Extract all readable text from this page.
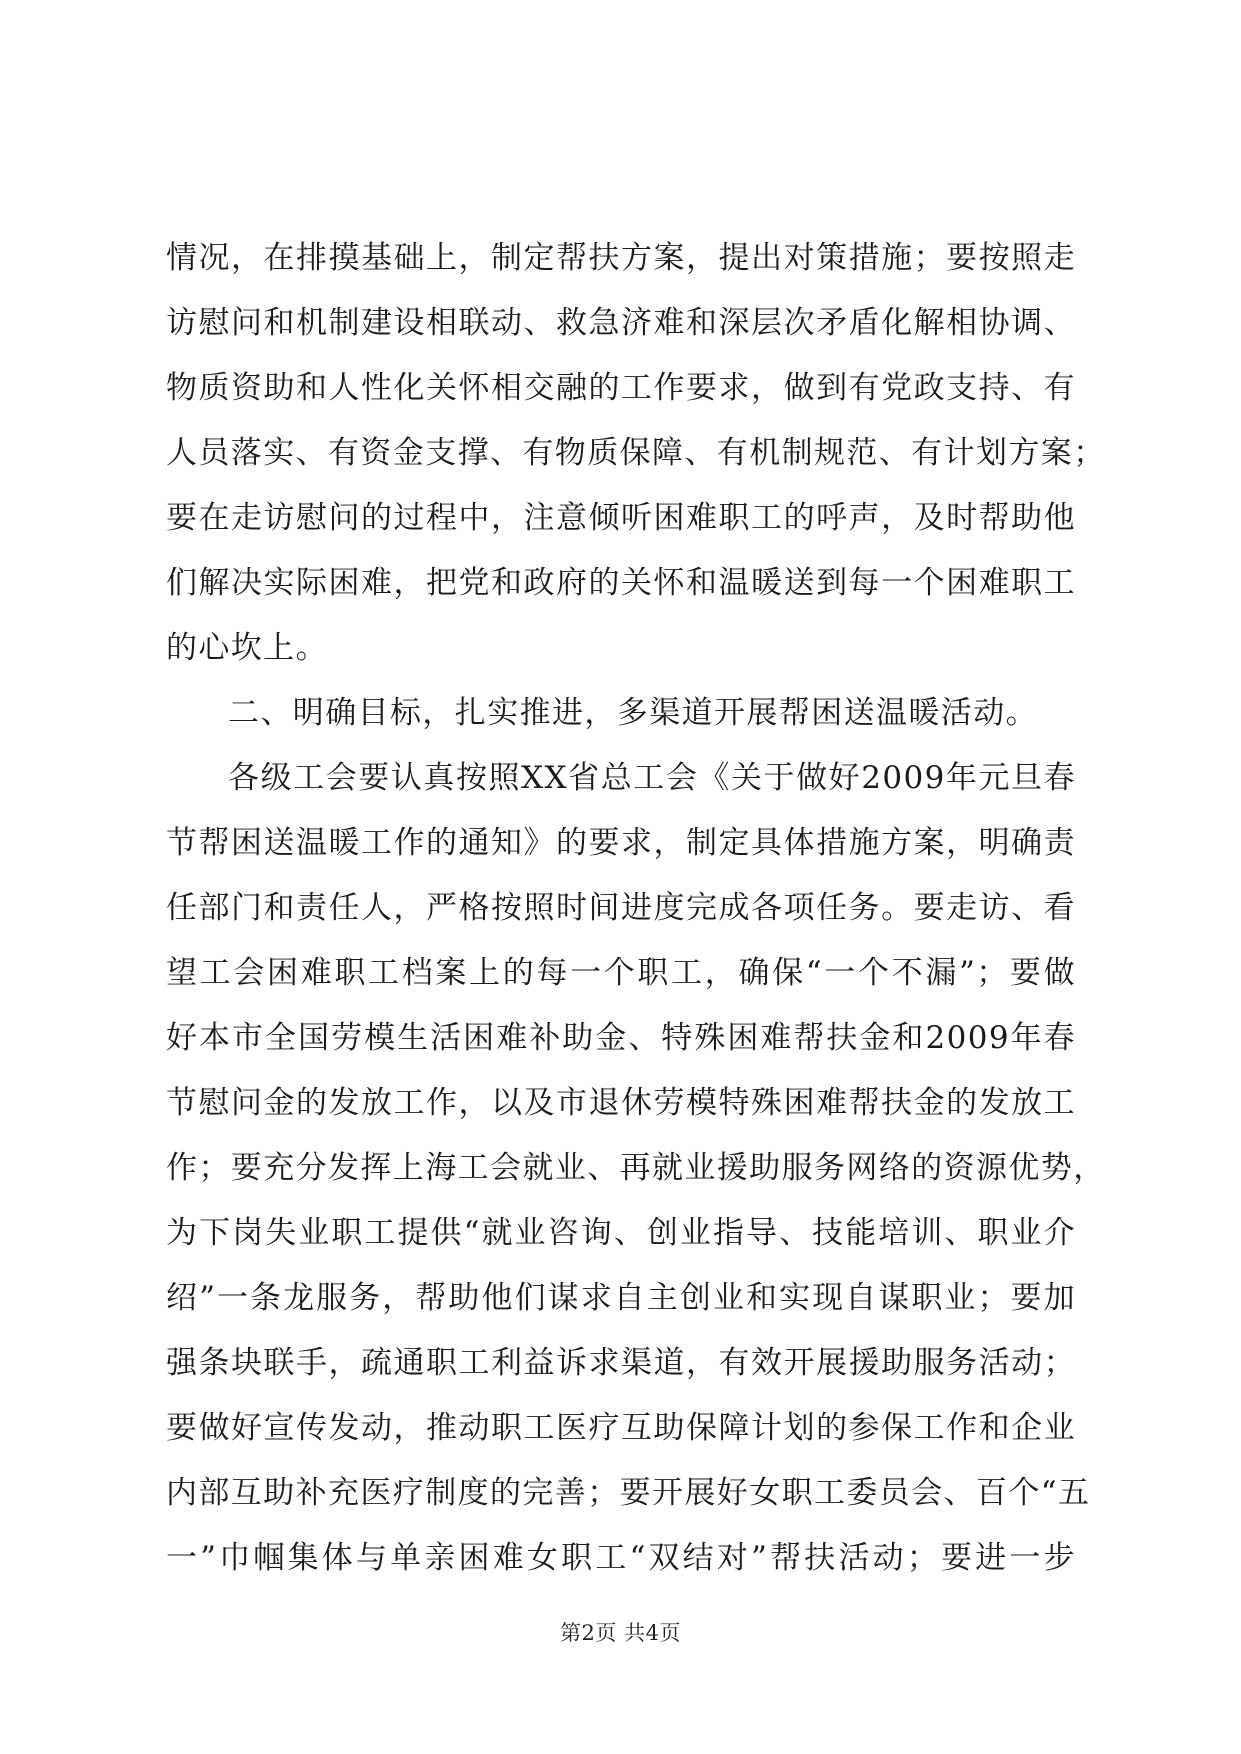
情况，在排摸基础上，制定帮扶方案，提出对策措施；要按照走
访慰问和机制建设相联动、救急济难和深层次矛盾化解相协调、
物质资助和人性化关怀相交融的工作要求，做到有党政支持、有
人员落实、有资金支撑、有物质保障、有机制规范、有计划方案；
要在走访慰问的过程中，注意倾听困难职工的呼声，及时帮助他
们解决实际困难，把党和政府的关怀和温暖送到每一个困难职工
的心坎上。
二、明确目标，扎实推进，多渠道开展帮困送温暖活动。
各级工会要认真按照XX省总工会《关于做好2009年元旦春
节帮困送温暖工作的通知》的要求，制定具体措施方案，明确责
任部门和责任人，严格按照时间进度完成各项任务。要走访、看
望工会困难职工档案上的每一个职工，确保“一个不漏”；要做
好本市全国劳模生活困难补助金、特殊困难帮扶金和2009年春
节慰问金的发放工作，以及市退休劳模特殊困难帮扶金的发放工
作；要充分发挥上海工会就业、再就业援助服务网络的资源优势，
为下岗失业职工提供“就业咨询、创业指导、技能培训、职业介
绍”一条龙服务，帮助他们谋求自主创业和实现自谋职业；要加
强条块联手，疏通职工利益诉求渠道，有效开展援助服务活动；
要做好宣传发动，推动职工医疗互助保障计划的参保工作和企业
内部互助补充医疗制度的完善；要开展好女职工委员会、百个“五
一”巾帼集体与单亲困难女职工“双结对”帮扶活动；要进一步
第2页 共4页
